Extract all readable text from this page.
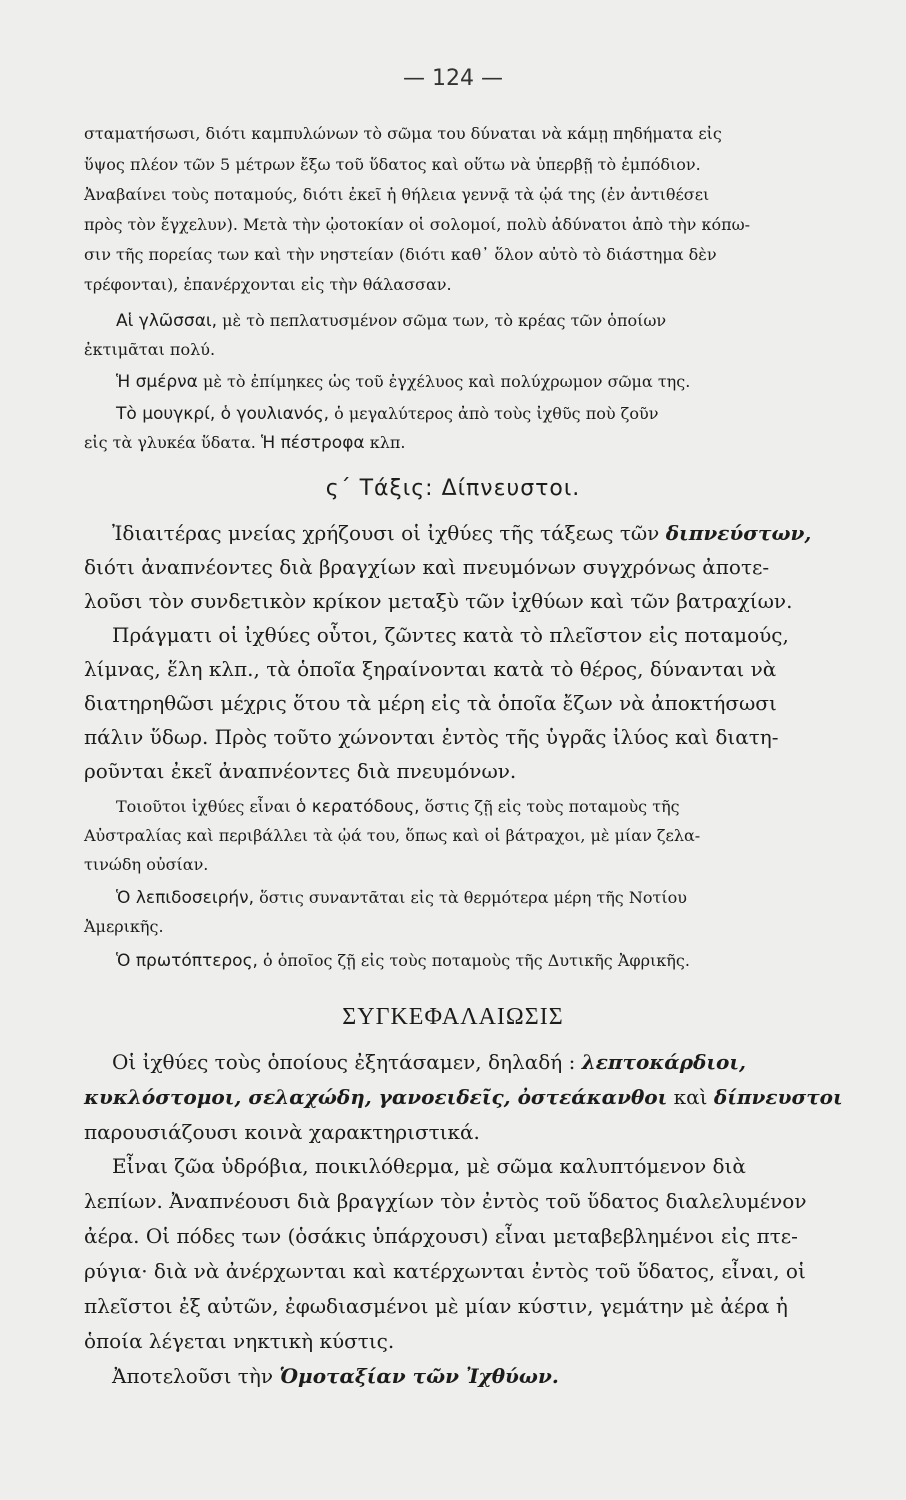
— 124 —
σταματήσωσι, διότι καμπυλώνων τὸ σῶμα του δύναται νὰ κάμῃ πηδήματα εἰς
ὕψος πλέον τῶν 5 μέτρων ἔξω τοῦ ὕδατος καὶ οὕτω νὰ ὑπερβῇ τὸ ἐμπόδιον.
Ἀναβαίνει τοὺς ποταμούς, διότι ἐκεῖ ἡ θήλεια γεννᾷ τὰ ᾠά της (ἐν ἀντιθέσει
πρὸς τὸν ἔγχελυν). Μετὰ τὴν ᾠοτοκίαν οἱ σολομοί, πολὺ ἀδύνατοι ἀπὸ τὴν κόπω-
σιν τῆς πορείας των καὶ τὴν νηστείαν (διότι καθ᾽ ὅλον αὐτὸ τὸ διάστημα δὲν
τρέφονται), ἐπανέρχονται εἰς τὴν θάλασσαν.
Αἱ γλῶσσαι, μὲ τὸ πεπλατυσμένον σῶμα των, τὸ κρέας τῶν ὁποίων
ἐκτιμᾶται πολύ.
Ἡ σμέρνα μὲ τὸ ἐπίμηκες ὡς τοῦ ἐγχέλυος καὶ πολύχρωμον σῶμα της.
Τὸ μουγκρί, ὁ γουλιανός, ὁ μεγαλύτερος ἀπὸ τοὺς ἰχθῦς ποὺ ζοῦν
εἰς τὰ γλυκέα ὕδατα. Ἡ πέστροφα κλπ.
ς´ Τάξις: Δίπνευστοι.
Ἰδιαιτέρας μνείας χρήζουσι οἱ ἰχθύες τῆς τάξεως τῶν διπνεύστων,
διότι ἀναπνέοντες διὰ βραγχίων καὶ πνευμόνων συγχρόνως ἀποτε-
λοῦσι τὸν συνδετικὸν κρίκον μεταξὺ τῶν ἰχθύων καὶ τῶν βατραχίων.
Πράγματι οἱ ἰχθύες οὗτοι, ζῶντες κατὰ τὸ πλεῖστον εἰς ποταμούς,
λίμνας, ἕλη κλπ., τὰ ὁποῖα ξηραίνονται κατὰ τὸ θέρος, δύνανται νὰ
διατηρηθῶσι μέχρις ὅτου τὰ μέρη εἰς τὰ ὁποῖα ἔζων νὰ ἀποκτήσωσι
πάλιν ὕδωρ. Πρὸς τοῦτο χώνονται ἐντὸς τῆς ὑγρᾶς ἰλύος καὶ διατη-
ροῦνται ἐκεῖ ἀναπνέοντες διὰ πνευμόνων.
Τοιοῦτοι ἰχθύες εἶναι ὁ κερατόδους, ὅστις ζῇ εἰς τοὺς ποταμοὺς τῆς
Αὐστραλίας καὶ περιβάλλει τὰ ᾠά του, ὅπως καὶ οἱ βάτραχοι, μὲ μίαν ζελα-
τινώδη οὐσίαν.
Ὁ λεπιδοσειρήν, ὅστις συναντᾶται εἰς τὰ θερμότερα μέρη τῆς Νοτίου
Ἀμερικῆς.
Ὁ πρωτόπτερος, ὁ ὁποῖος ζῇ εἰς τοὺς ποταμοὺς τῆς Δυτικῆς Ἀφρικῆς.
ΣΥΓΚΕΦΑΛΑΙΩΣΙΣ
Οἱ ἰχθύες τοὺς ὁποίους ἐξητάσαμεν, δηλαδή : λεπτοκάρδιοι,
κυκλόστομοι, σελαχώδη, γανοειδεῖς, ὀστεάκανθοι καὶ δίπνευστοι
παρουσιάζουσι κοινὰ χαρακτηριστικά.
Εἶναι ζῶα ὑδρόβια, ποικιλόθερμα, μὲ σῶμα καλυπτόμενον διὰ
λεπίων. Ἀναπνέουσι διὰ βραγχίων τὸν ἐντὸς τοῦ ὕδατος διαλελυμένον
ἀέρα. Οἱ πόδες των (ὁσάκις ὑπάρχουσι) εἶναι μεταβεβλημένοι εἰς πτε-
ρύγια· διὰ νὰ ἀνέρχωνται καὶ κατέρχωνται ἐντὸς τοῦ ὕδατος, εἶναι, οἱ
πλεῖστοι ἐξ αὐτῶν, ἐφωδιασμένοι μὲ μίαν κύστιν, γεμάτην μὲ ἀέρα ἡ
ὁποία λέγεται νηκτικὴ κύστις.
Ἀποτελοῦσι τὴν Ὁμοταξίαν τῶν Ἰχθύων.
